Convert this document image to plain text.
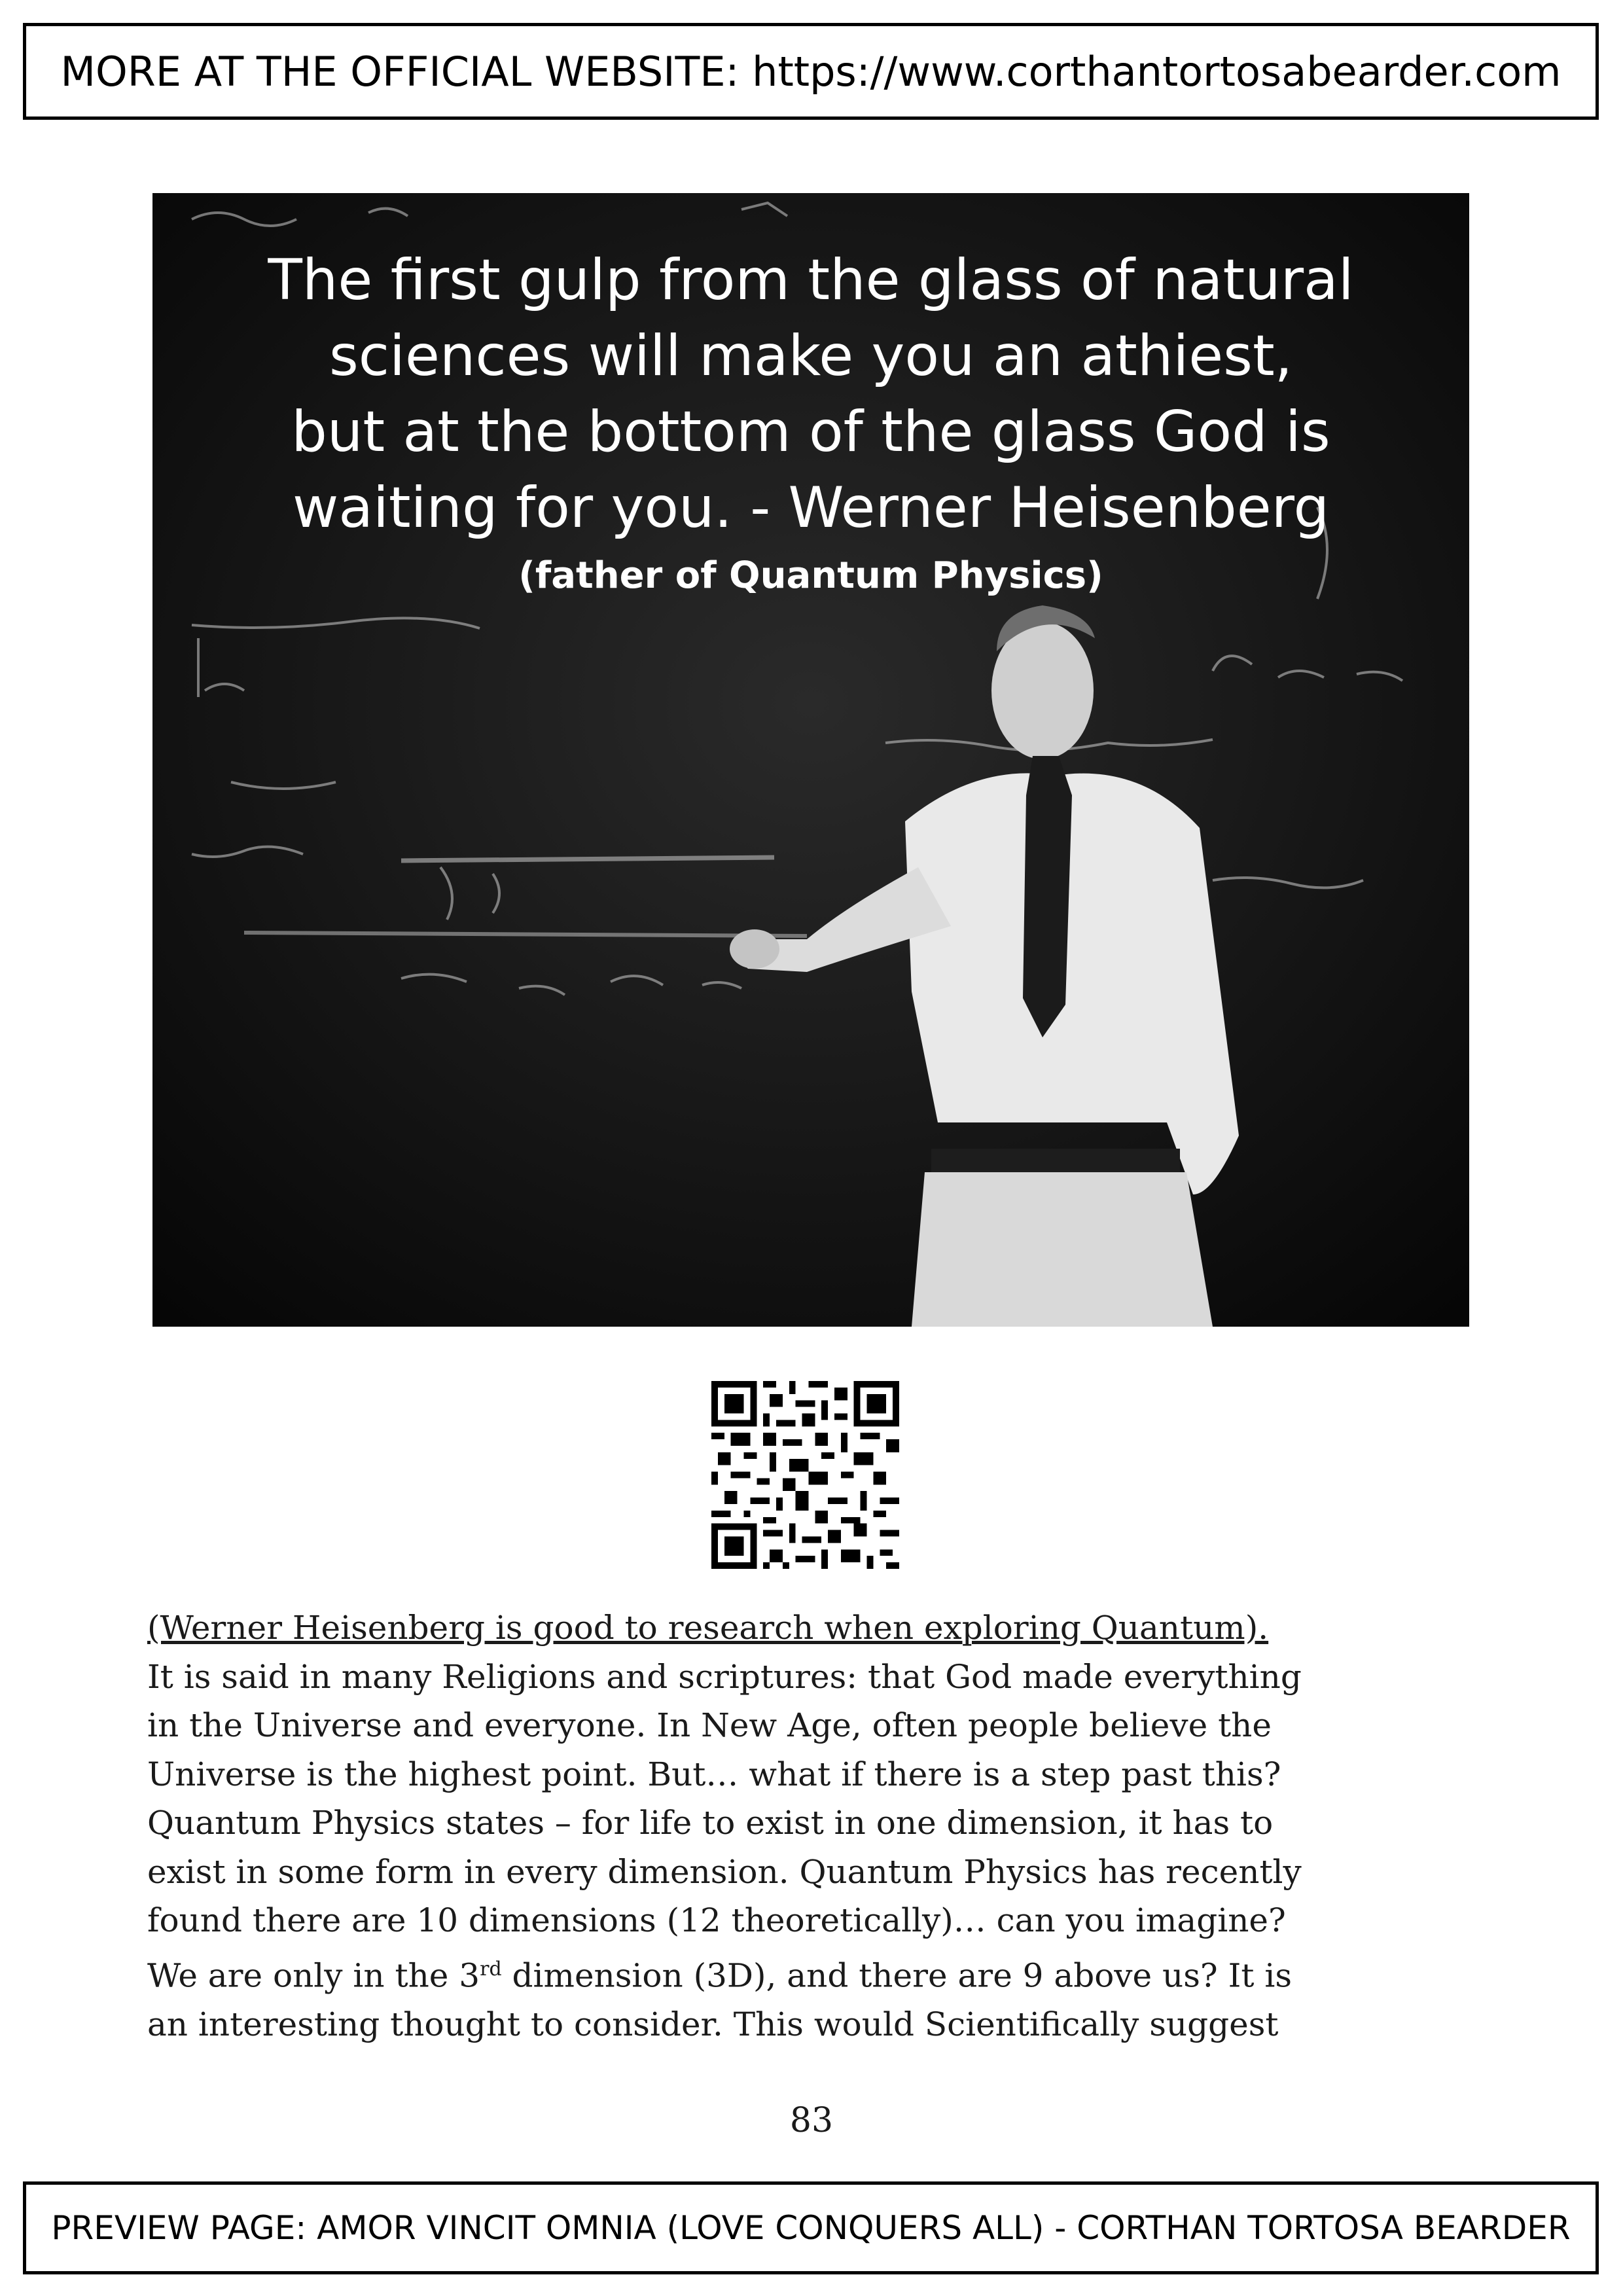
MORE AT THE OFFICIAL WEBSITE: https://www.corthantortosabearder.com
The first gulp from the glass of natural
sciences will make you an athiest,
but at the bottom of the glass God is
waiting for you. - Werner Heisenberg
(father of Quantum Physics)
(Werner Heisenberg is good to research when exploring Quantum).
It is said in many Religions and scriptures: that God made everything
in the Universe and everyone. In New Age, often people believe the
Universe is the highest point. But… what if there is a step past this?
Quantum Physics states – for life to exist in one dimension, it has to
exist in some form in every dimension. Quantum Physics has recently
found there are 10 dimensions (12 theoretically)… can you imagine?
We are only in the 3rd dimension (3D), and there are 9 above us? It is
an interesting thought to consider. This would Scientifically suggest
83
PREVIEW PAGE: AMOR VINCIT OMNIA (LOVE CONQUERS ALL) - CORTHAN TORTOSA BEARDER
